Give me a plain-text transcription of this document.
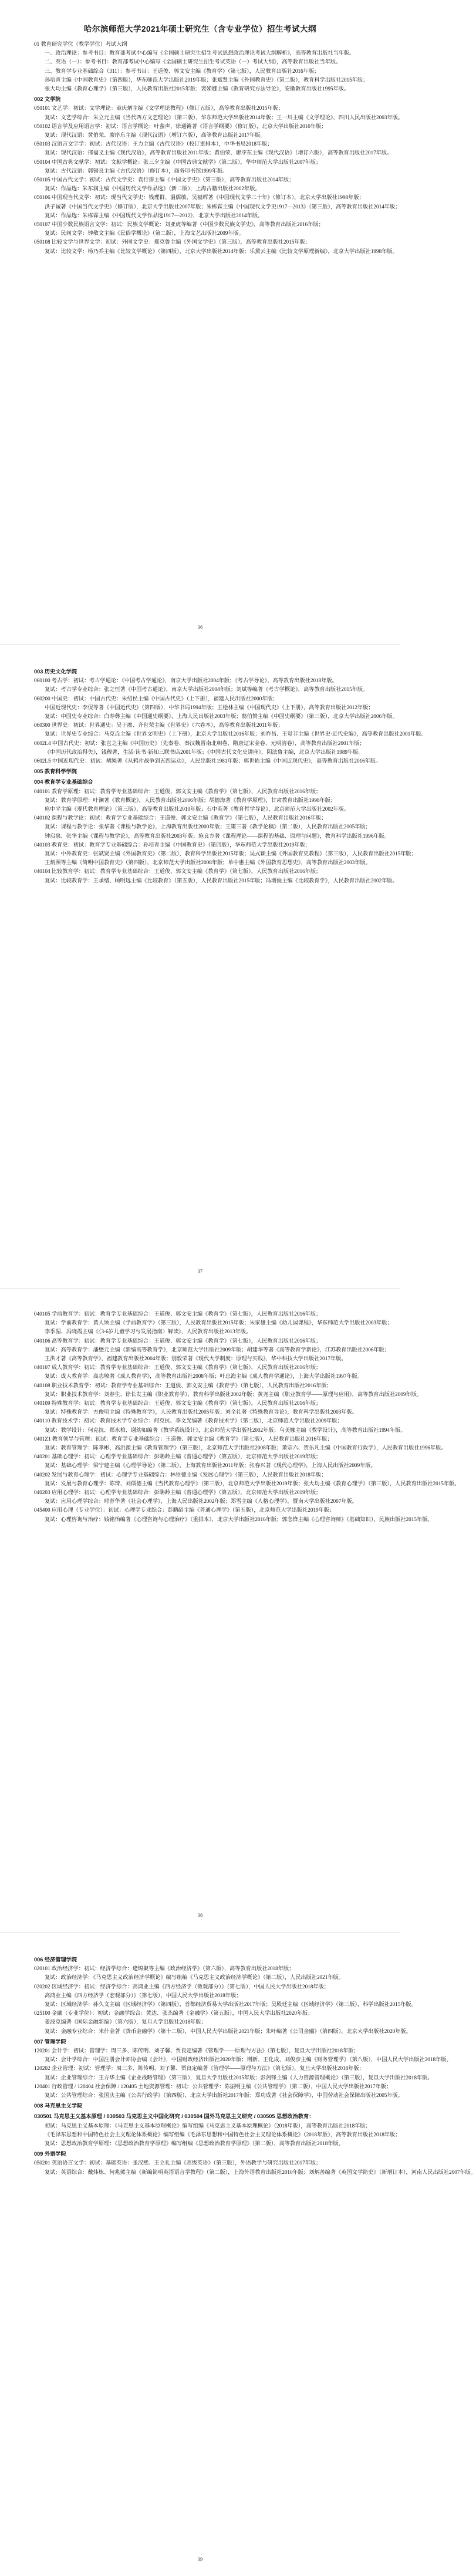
哈尔滨师范大学2021年硕士研究生（含专业学位）招生考试大纲
01 教育研究学位（教学学位）考试大纲
一、政治理论：参考书目：教育部考试中心编写《全国硕士研究生招生考试思想政治理论考试大纲解析》，高等教育出版社当年版。
二、英语（一）：参考书目：教育部考试中心编写《全国硕士研究生招生考试英语（一）考试大纲》，高等教育出版社当年版。
三、教育学专业基础综合（311）：参考书目：王道俊、郭文安主编《教育学》（第七版），人民教育出版社2016年版；
孙培青主编《中国教育史》（第四版），华东师范大学出版社2019年版；张斌贤主编《外国教育史》（第二版），教育科学出版社2015年版；
张大均主编《教育心理学》（第三版），人民教育出版社2015年版；裴娣娜主编《教育研究方法导论》，安徽教育出版社1995年版。
002 文学院
050101 文艺学：初试：文学理论：童庆炳主编《文学理论教程》（修订五版），高等教育出版社2015年版；
复试：文艺学综合：朱立元主编《当代西方文艺理论》（第三版），华东师范大学出版社2014年版；王一川主编《文学理论》，四川人民出版社2003年版。
050102 语言学及应用语言学：初试：语言学概论：叶蜚声、徐通锵著《语言学纲要》（修订版），北京大学出版社2010年版；
复试：现代汉语：黄伯荣、廖序东主编《现代汉语》（增订六版），高等教育出版社2017年版。
050103 汉语言文字学：初试：古代汉语：王力主编《古代汉语》（校订重排本），中华书局2018年版；
复试：现代汉语：邢福义主编《现代汉语》，高等教育出版社2011年版；黄伯荣、廖序东主编《现代汉语》（增订六版），高等教育出版社2017年版。
050104 中国古典文献学：初试：文献学概论：张三夕主编《中国古典文献学》（第二版），华中师范大学出版社2007年版；
复试：古代汉语：郭锡良主编《古代汉语》（修订本），商务印书馆1999年版。
050105 中国古代文学：初试：古代文学史：袁行霈主编《中国文学史》（第三版），高等教育出版社2014年版；
复试：作品选：朱东润主编《中国历代文学作品选》（新二版），上海古籍出版社2002年版。
050106 中国现当代文学：初试：现当代文学史：钱理群、温儒敏、吴福辉著《中国现代文学三十年》（修订本），北京大学出版社1998年版；
洪子诚著《中国当代文学史》（修订版），北京大学出版社2007年版；朱栋霖主编《中国现代文学史1917—2013》（第三版），高等教育出版社2014年版；
复试：作品选：朱栋霖主编《中国现代文学作品选1917—2012》，北京大学出版社2014年版。
050107 中国少数民族语言文学：初试：民族文学概论：刘亚虎等编著《中国少数民族文学史》，高等教育出版社2016年版；
复试：民间文学：钟敬文主编《民俗学概论》（第二版），上海文艺出版社2009年版。
050108 比较文学与世界文学：初试：外国文学史：郑克鲁主编《外国文学史》（第三版），高等教育出版社2015年版；
复试：比较文学：杨乃乔主编《比较文学概论》（第四版），北京大学出版社2014年版；乐黛云主编《比较文学原理新编》，北京大学出版社1998年版。
36
003 历史文化学院
060100 考古学：初试：考古学通论：《中国考古学通论》，南京大学出版社2004年版；《考古学导论》，高等教育出版社2018年版。
复试：考古学专业综合：张之恒著《中国考古通论》，南京大学出版社2004年版；刘斌等编著《考古学概论》，高等教育出版社2015年版。
060200 中国史：初试：中国古代史：朱绍侯主编《中国古代史》（上下册），福建人民出版社2000年版；
中国近现代史：李侃等著《中国近代史》（第四版），中华书局1994年版；王桧林主编《中国现代史》（上下册），高等教育出版社2012年版；
复试：中国史专业综合：白寿彝主编《中国通史纲要》，上海人民出版社2003年版；翦伯赞主编《中国史纲要》（第三版），北京大学出版社2006年版。
060300 世界史：初试：世界通史：吴于廑、齐世荣主编《世界史》（六卷本），高等教育出版社2011年版；
复试：世界史专业综合：马克垚主编《世界文明史》（上下册），北京大学出版社2016年版；刘祚昌、王觉非主编《世界史·近代史编》，高等教育出版社2001年版。
0602L4 中国古代史：初试：张岂之主编《中国历史》（先秦卷、秦汉魏晋南北朝卷、隋唐辽宋金卷、元明清卷），高等教育出版社2001年版；
《中国历代政治得失》，钱穆著，生活·读书·新知三联书店2001年版；《中国古代文化史讲座》，阴法鲁主编，北京大学出版社1989年版。
0602L5 中国近现代史：初试：胡绳著《从鸦片战争到五四运动》，人民出版社1981年版；郭世佑主编《中国近现代史》，高等教育出版社2016年版。
005 教育科学学院
004 教育学专业基础综合
040101 教育学原理：初试：教育学专业基础综合：王道俊、郭文安主编《教育学》（第七版），人民教育出版社2016年版；
复试：教育学原理：叶澜著《教育概论》，人民教育出版社2006年版；胡德海著《教育学原理》，甘肃教育出版社1998年版；
扈中平主编《现代教育理论》（第三版），高等教育出版社2010年版；石中英著《教育哲学导论》，北京师范大学出版社2002年版。
040102 课程与教学论：初试：教育学专业基础综合：王道俊、郭文安主编《教育学》（第七版），人民教育出版社2016年版；
复试：课程与教学论：张华著《课程与教学论》，上海教育出版社2000年版；王策三著《教学论稿》（第二版），人民教育出版社2005年版；
钟启泉、张华主编《课程与教学论》，高等教育出版社2003年版；施良方著《课程理论——课程的基础、原理与问题》，教育科学出版社1996年版。
040103 教育史：初试：教育学专业基础综合：孙培青主编《中国教育史》（第四版），华东师范大学出版社2019年版；
复试：中外教育史：张斌贤主编《外国教育史》（第二版），教育科学出版社2015年版；吴式颖主编《外国教育史教程》（第三版），人民教育出版社2015年版；
王炳照等主编《简明中国教育史》（第四版），北京师范大学出版社2008年版；单中惠主编《外国教育思想史》，高等教育出版社2003年版。
040104 比较教育学：初试：教育学专业基础综合：王道俊、郭文安主编《教育学》（第七版），人民教育出版社2016年版；
复试：比较教育学：王承绪、顾明远主编《比较教育》（第五版），人民教育出版社2015年版；冯增俊主编《比较教育学》，人民教育出版社2002年版。
37
040105 学前教育学：初试：教育学专业基础综合：王道俊、郭文安主编《教育学》（第七版），人民教育出版社2016年版；
复试：学前教育学：黄人颂主编《学前教育学》（第三版），人民教育出版社2015年版；朱家雄主编《幼儿园课程》，华东师范大学出版社2003年版；
李季湄、冯晓霞主编《〈3-6岁儿童学习与发展指南〉解读》，人民教育出版社2013年版。
040106 高等教育学：初试：教育学专业基础综合：王道俊、郭文安主编《教育学》（第七版），人民教育出版社2016年版；
复试：高等教育学：潘懋元主编《新编高等教育学》，北京师范大学出版社2009年版；胡建华等著《高等教育学新论》，江苏教育出版社2006年版；
王洪才著《高等教育学》，福建教育出版社2004年版；别敦荣著《现代大学制度：原理与实践》，华中科技大学出版社2017年版。
040107 成人教育学：初试：教育学专业基础综合：王道俊、郭文安主编《教育学》（第七版），人民教育出版社2016年版；
复试：成人教育学：高志敏著《成人教育学》，高等教育出版社2008年版；叶忠海主编《成人教育学通论》，上海大学出版社1997年版。
040108 职业技术教育学：初试：教育学专业基础综合：王道俊、郭文安主编《教育学》（第七版），人民教育出版社2016年版；
复试：职业技术教育学：刘春生、徐长发主编《职业教育学》，教育科学出版社2002年版；黄尧主编《职业教育学——原理与应用》，高等教育出版社2009年版。
040109 特殊教育学：初试：教育学专业基础综合：王道俊、郭文安主编《教育学》（第七版），人民教育出版社2016年版；
复试：特殊教育学：方俊明主编《特殊教育学》，人民教育出版社2005年版；刘全礼著《特殊教育导论》，教育科学出版社2003年版。
040110 教育技术学：初试：教育技术学专业综合：何克抗、李文光编著《教育技术学》（第二版），北京师范大学出版社2009年版；
复试：教学设计：何克抗、郑永柏、谢幼如编著《教学系统设计》，北京师范大学出版社2002年版；乌美娜主编《教学设计》，高等教育出版社1994年版。
0401Z1 教育领导与管理：初试：教育学专业基础综合：王道俊、郭文安主编《教育学》（第七版），人民教育出版社2016年版；
复试：教育管理学：陈孝彬、高洪源主编《教育管理学》（第三版），北京师范大学出版社2008年版；萧宗六、贺乐凡主编《中国教育行政学》，人民教育出版社1996年版。
040201 基础心理学：初试：心理学专业基础综合：彭聃龄主编《普通心理学》（第五版），北京师范大学出版社2019年版；
复试：基础心理学：梁宁建主编《心理学导论》（第二版），上海教育出版社2011年版；张春兴著《现代心理学》，上海人民出版社2009年版。
040202 发展与教育心理学：初试：心理学专业基础综合：林崇德主编《发展心理学》（第三版），人民教育出版社2018年版；
复试：发展与教育心理学：陈琦、刘儒德主编《当代教育心理学》（第三版），北京师范大学出版社2019年版；张大均主编《教育心理学》（第三版），人民教育出版社2015年版。
040203 应用心理学：初试：心理学专业基础综合：彭聃龄主编《普通心理学》（第五版），北京师范大学出版社2019年版；
复试：应用心理学综合：时蓉华著《社会心理学》，上海人民出版社2002年版；郑雪主编《人格心理学》，暨南大学出版社2007年版。
045400 应用心理（专业学位）：初试：心理学专业综合：彭聃龄主编《普通心理学》（第五版），北京师范大学出版社2019年版；
复试：心理咨询与治疗：钱铭怡编著《心理咨询与心理治疗》（重排本），北京大学出版社2016年版；郭念锋主编《心理咨询师》（基础知识），民族出版社2015年版。
38
006 经济管理学院
020101 政治经济学：初试：经济学综合：逄锦聚等主编《政治经济学》（第六版），高等教育出版社2018年版；
复试：政治经济学：《马克思主义政治经济学概论》编写组编《马克思主义政治经济学概论》（第二版），人民出版社2021年版。
020202 区域经济学：初试：经济学综合：高鸿业主编《西方经济学（微观部分）》（第七版），中国人民大学出版社2018年版；
高鸿业主编《西方经济学（宏观部分）》（第七版），中国人民大学出版社2018年版；
复试：区域经济学：孙久文主编《区域经济学》（第四版），首都经济贸易大学出版社2017年版；吴殿廷主编《区域经济学》（第三版），科学出版社2015年版。
025100 金融（专业学位）：初试：金融学综合：黄达、张杰编著《金融学》（第五版），中国人民大学出版社2020年版；
姜波克编著《国际金融新编》（第六版），复旦大学出版社2018年版；
复试：金融专业综合：米什金著《货币金融学》（第十二版），中国人民大学出版社2021年版；朱叶编著《公司金融》（第四版），北京大学出版社2020年版。
007 管理学院
120201 会计学：初试：管理学：周三多、陈传明、刘子馨、贾良定编著《管理学——原理与方法》（第七版），复旦大学出版社2018年版；
复试：会计学综合：中国注册会计师协会编《会计》，中国财政经济出版社2020年版；荆新、王化成、刘俊彦主编《财务管理学》（第八版），中国人民大学出版社2018年版。
120202 企业管理：初试：管理学：周三多、陈传明、刘子馨、贾良定编著《管理学——原理与方法》（第七版），复旦大学出版社2018年版；
复试：企业管理综合：王方华主编《企业战略管理》（第三版），复旦大学出版社2015年版；彭剑锋主编《人力资源管理概论》（第三版），复旦大学出版社2018年版。
120401 行政管理 / 120404 社会保障 / 120405 土地资源管理：初试：公共管理学：陈振明主编《公共管理学》（第二版），中国人民大学出版社2017年版；
复试：公共管理综合：张国庆主编《公共行政学》（第四版），北京大学出版社2017年版；郑功成著《社会保障学》，中国劳动社会保障出版社2005年版。
008 马克思主义学院
030501 马克思主义基本原理 / 030503 马克思主义中国化研究 / 030504 国外马克思主义研究 / 030505 思想政治教育：
初试：马克思主义基本原理：《马克思主义基本原理概论》编写组编《马克思主义基本原理概论》（2018年版），高等教育出版社2018年版；
《毛泽东思想和中国特色社会主义理论体系概论》编写组编《毛泽东思想和中国特色社会主义理论体系概论》（2018年版），高等教育出版社2018年版；
复试：思想政治教育学原理：《思想政治教育学原理》编写组编《思想政治教育学原理》（第二版），高等教育出版社2018年版。
009 外语学院
050201 英语语言文学：初试：基础英语：张汉熙、王立礼主编《高级英语》（第三版），外语教学与研究出版社2017年版；
复试：英语综合：戴炜栋、何兆熊主编《新编简明英语语言学教程》（第二版），上海外语教育出版社2010年版；刘炳善编著《英国文学简史》（新增订本），河南人民出版社2007年版。
39
